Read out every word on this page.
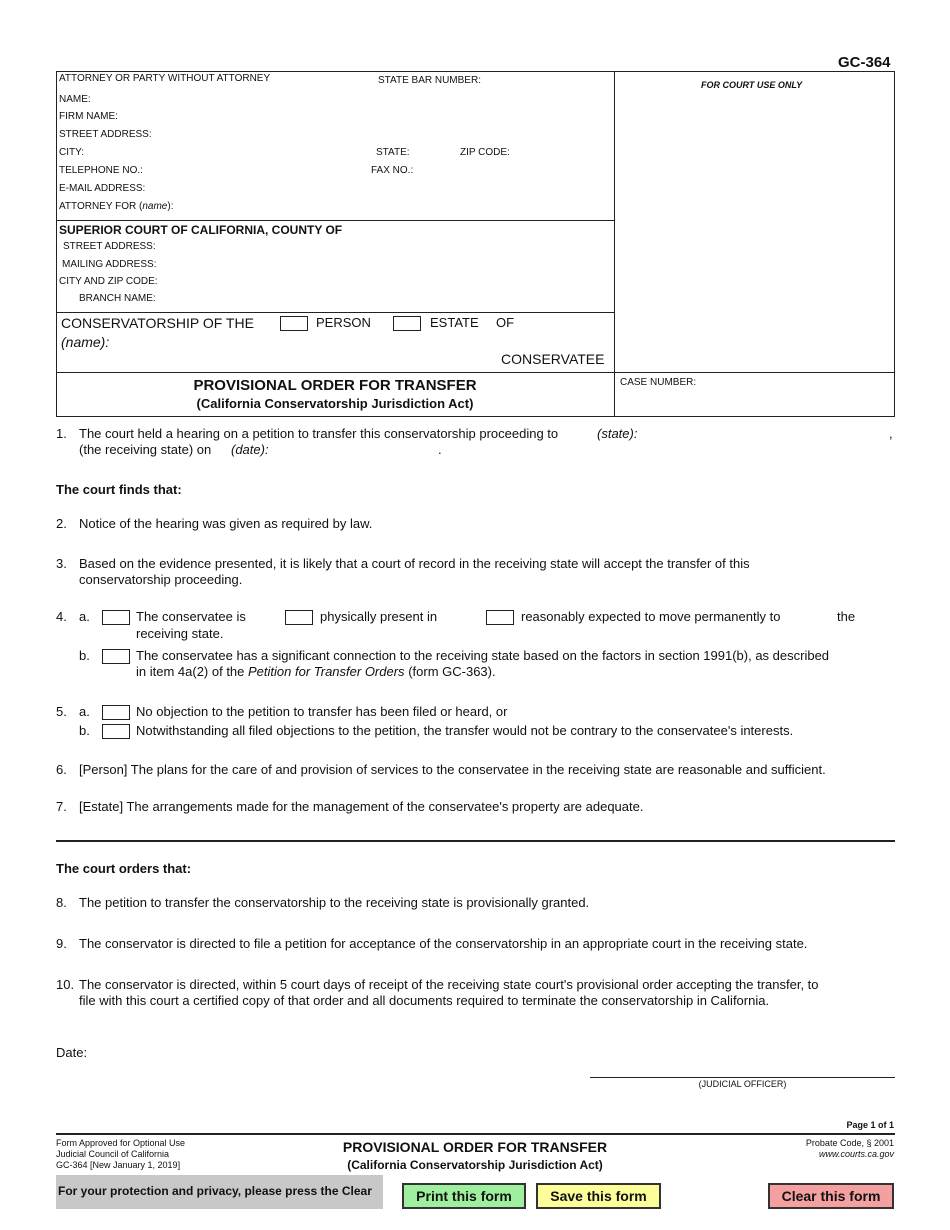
GC-364
ATTORNEY OR PARTY WITHOUT ATTORNEY	STATE BAR NUMBER:	FOR COURT USE ONLY
NAME:
FIRM NAME:
STREET ADDRESS:
CITY:	STATE:	ZIP CODE:
TELEPHONE NO.:	FAX NO.:
E-MAIL ADDRESS:
ATTORNEY FOR (name):
SUPERIOR COURT OF CALIFORNIA, COUNTY OF
STREET ADDRESS:
MAILING ADDRESS:
CITY AND ZIP CODE:
BRANCH NAME:
CONSERVATORSHIP OF THE	PERSON	ESTATE OF
(name):
CONSERVATEE
PROVISIONAL ORDER FOR TRANSFER
(California Conservatorship Jurisdiction Act)
CASE NUMBER:
1. The court held a hearing on a petition to transfer this conservatorship proceeding to	(state):	,
(the receiving state) on (date):	.
The court finds that:
2. Notice of the hearing was given as required by law.
3. Based on the evidence presented, it is likely that a court of record in the receiving state will accept the transfer of this
conservatorship proceeding.
4. a.	The conservatee is	physically present in	reasonably expected to move permanently to	the
receiving state.
b.	The conservatee has a significant connection to the receiving state based on the factors in section 1991(b), as described
in item 4a(2) of the Petition for Transfer Orders (form GC-363).
5. a.	No objection to the petition to transfer has been filed or heard, or
b.	Notwithstanding all filed objections to the petition, the transfer would not be contrary to the conservatee's interests.
6. [Person] The plans for the care of and provision of services to the conservatee in the receiving state are reasonable and sufficient.
7. [Estate] The arrangements made for the management of the conservatee's property are adequate.
The court orders that:
8. The petition to transfer the conservatorship to the receiving state is provisionally granted.
9. The conservator is directed to file a petition for acceptance of the conservatorship in an appropriate court in the receiving state.
10. The conservator is directed, within 5 court days of receipt of the receiving state court's provisional order accepting the transfer, to
file with this court a certified copy of that order and all documents required to terminate the conservatorship in California.
Date:
(JUDICIAL OFFICER)
Page 1 of 1
Form Approved for Optional Use
Judicial Council of California
GC-364 [New January 1, 2019]
PROVISIONAL ORDER FOR TRANSFER
(California Conservatorship Jurisdiction Act)
Probate Code, § 2001
www.courts.ca.gov
For your protection and privacy, please press the Clear	Print this form	Save this form	Clear this form
